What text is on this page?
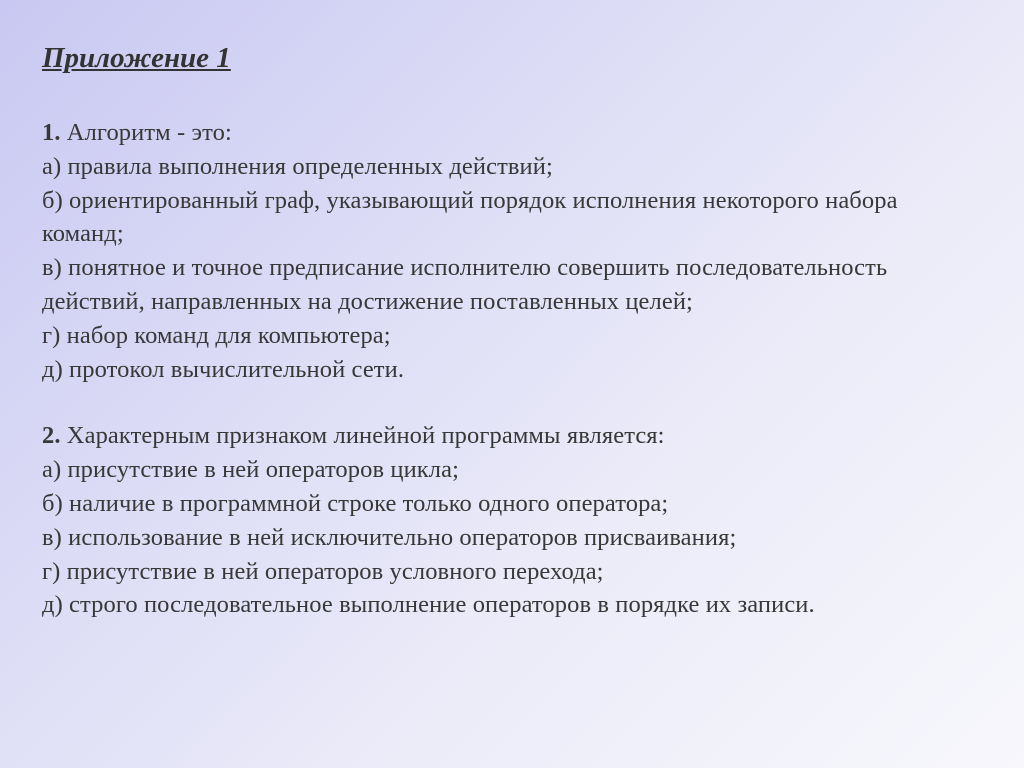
Приложение 1
1. Алгоритм - это:
а) правила выполнения определенных действий;
б) ориентированный граф, указывающий порядок исполнения некоторого набора команд;
в) понятное и точное предписание исполнителю совершить последовательность действий, направленных на достижение поставленных целей;
г) набор команд для компьютера;
д) протокол вычислительной сети.
2. Характерным признаком линейной программы является:
а) присутствие в ней операторов цикла;
б) наличие в программной строке только одного оператора;
в) использование в ней исключительно операторов присваивания;
г) присутствие в ней операторов условного перехода;
д) строго последовательное выполнение операторов в порядке их записи.
